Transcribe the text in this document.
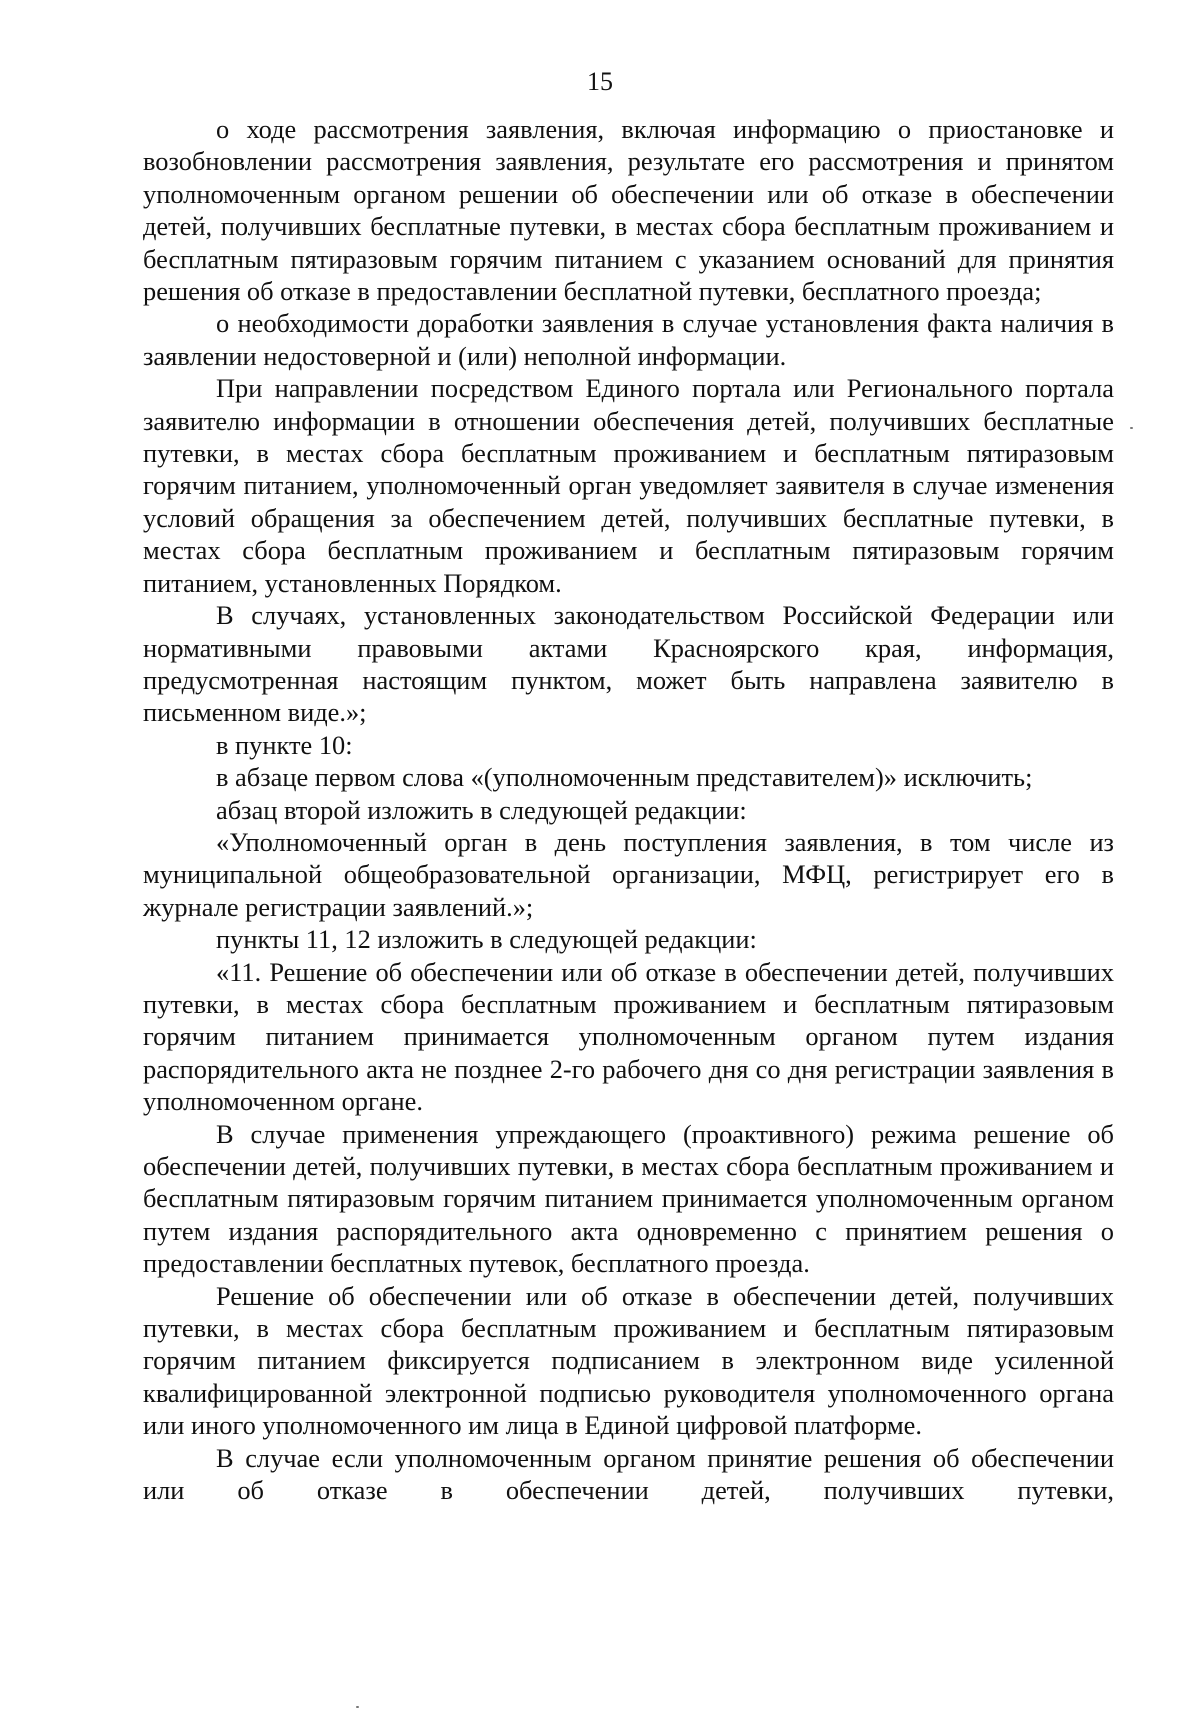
15

о ходе рассмотрения заявления, включая информацию о приостановке и возобновлении рассмотрения заявления, результате его рассмотрения и принятом уполномоченным органом решении об обеспечении или об отказе в обеспечении детей, получивших бесплатные путевки, в местах сбора бесплатным проживанием и бесплатным пятиразовым горячим питанием с указанием оснований для принятия решения об отказе в предоставлении бесплатной путевки, бесплатного проезда;

о необходимости доработки заявления в случае установления факта наличия в заявлении недостоверной и (или) неполной информации.

При направлении посредством Единого портала или Регионального портала заявителю информации в отношении обеспечения детей, получивших бесплатные путевки, в местах сбора бесплатным проживанием и бесплатным пятиразовым горячим питанием, уполномоченный орган уведомляет заявителя в случае изменения условий обращения за обеспечением детей, получивших бесплатные путевки, в местах сбора бесплатным проживанием и бесплатным пятиразовым горячим питанием, установленных Порядком.

В случаях, установленных законодательством Российской Федерации или нормативными правовыми актами Красноярского края, информация, предусмотренная настоящим пунктом, может быть направлена заявителю в письменном виде.»;

в пункте 10:

в абзаце первом слова «(уполномоченным представителем)» исключить;

абзац второй изложить в следующей редакции:

«Уполномоченный орган в день поступления заявления, в том числе из муниципальной общеобразовательной организации, МФЦ, регистрирует его в журнале регистрации заявлений.»;

пункты 11, 12 изложить в следующей редакции:

«11. Решение об обеспечении или об отказе в обеспечении детей, получивших путевки, в местах сбора бесплатным проживанием и бесплатным пятиразовым горячим питанием принимается уполномоченным органом путем издания распорядительного акта не позднее 2-го рабочего дня со дня регистрации заявления в уполномоченном органе.

В случае применения упреждающего (проактивного) режима решение об обеспечении детей, получивших путевки, в местах сбора бесплатным проживанием и бесплатным пятиразовым горячим питанием принимается уполномоченным органом путем издания распорядительного акта одновременно с принятием решения о предоставлении бесплатных путевок, бесплатного проезда.

Решение об обеспечении или об отказе в обеспечении детей, получивших путевки, в местах сбора бесплатным проживанием и бесплатным пятиразовым горячим питанием фиксируется подписанием в электронном виде усиленной квалифицированной электронной подписью руководителя уполномоченного органа или иного уполномоченного им лица в Единой цифровой платформе.

В случае если уполномоченным органом принятие решения об обеспечении или об отказе в обеспечении детей, получивших путевки,
